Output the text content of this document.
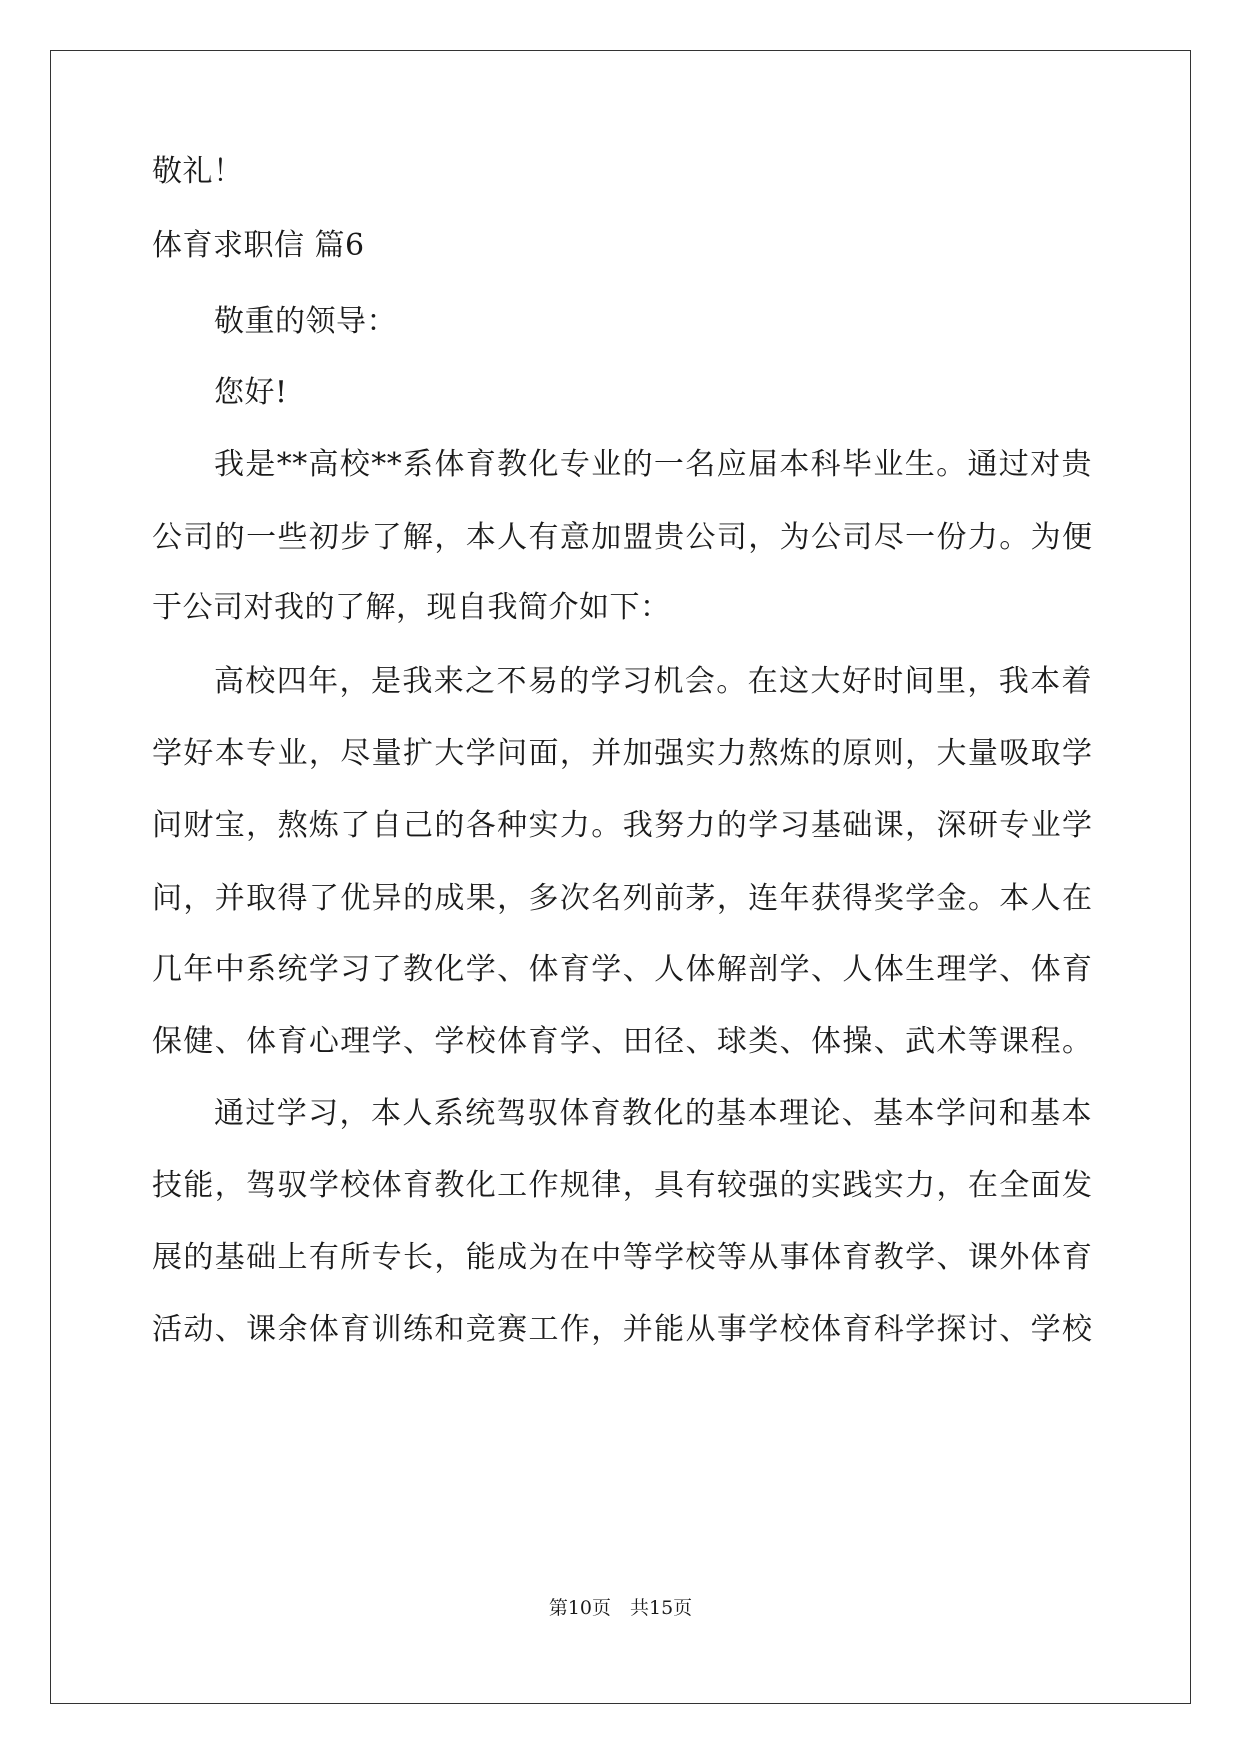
敬礼！
体育求职信 篇6
敬重的领导：
您好!
我是**高校**系体育教化专业的一名应届本科毕业生。通过对贵
公司的一些初步了解，本人有意加盟贵公司，为公司尽一份力。为便
于公司对我的了解，现自我简介如下：
高校四年，是我来之不易的学习机会。在这大好时间里，我本着
学好本专业，尽量扩大学问面，并加强实力熬炼的原则，大量吸取学
问财宝，熬炼了自己的各种实力。我努力的学习基础课，深研专业学
问，并取得了优异的成果，多次名列前茅，连年获得奖学金。本人在
几年中系统学习了教化学、体育学、人体解剖学、人体生理学、体育
保健、体育心理学、学校体育学、田径、球类、体操、武术等课程。
通过学习，本人系统驾驭体育教化的基本理论、基本学问和基本
技能，驾驭学校体育教化工作规律，具有较强的实践实力，在全面发
展的基础上有所专长，能成为在中等学校等从事体育教学、课外体育
活动、课余体育训练和竞赛工作，并能从事学校体育科学探讨、学校
第10页　共15页
